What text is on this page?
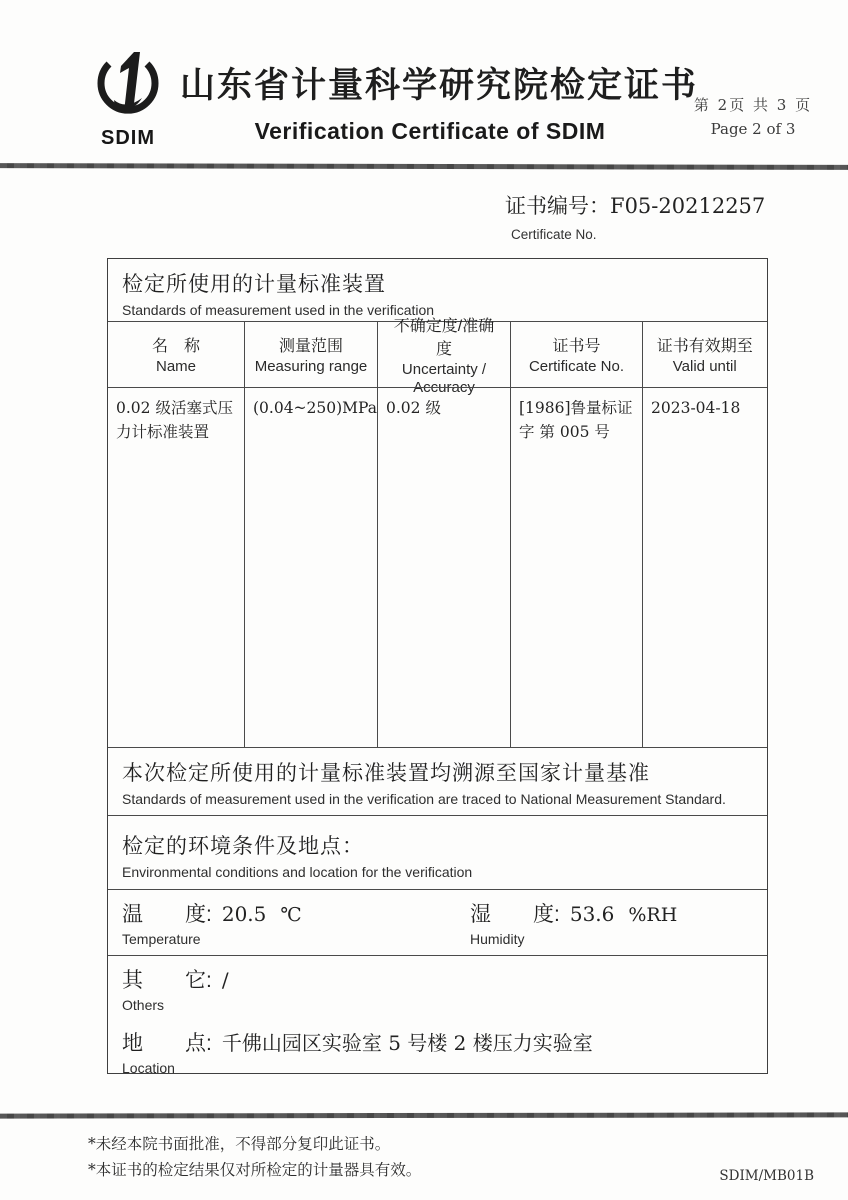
SDIM
山东省计量科学研究院检定证书
Verification Certificate of SDIM
第 2页 共 3 页
Page 2 of 3
证书编号：F05-20212257
Certificate No.
检定所使用的计量标准装置
Standards of measurement used in the verification
名　称
Name
测量范围
Measuring range
不确定度/准确度
Uncertainty / Accuracy
证书号
Certificate No.
证书有效期至
Valid until
0.02 级活塞式压力计标准装置
(0.04~250)MPa 0.02 级	[1986]鲁量标证字 第 005 号
2023-04-18
本次检定所使用的计量标准装置均溯源至国家计量基准
Standards of measurement used in the verification are traced to National Measurement Standard.
检定的环境条件及地点：
Environmental conditions and location for the verification
温　　度: 20.5 ℃
Temperature
湿　　度: 53.6 %RH
Humidity
其　　它: /
Others
地　　点: 千佛山园区实验室 5 号楼 2 楼压力实验室
Location
*未经本院书面批准，不得部分复印此证书。
*本证书的检定结果仅对所检定的计量器具有效。	SDIM/MB01B
